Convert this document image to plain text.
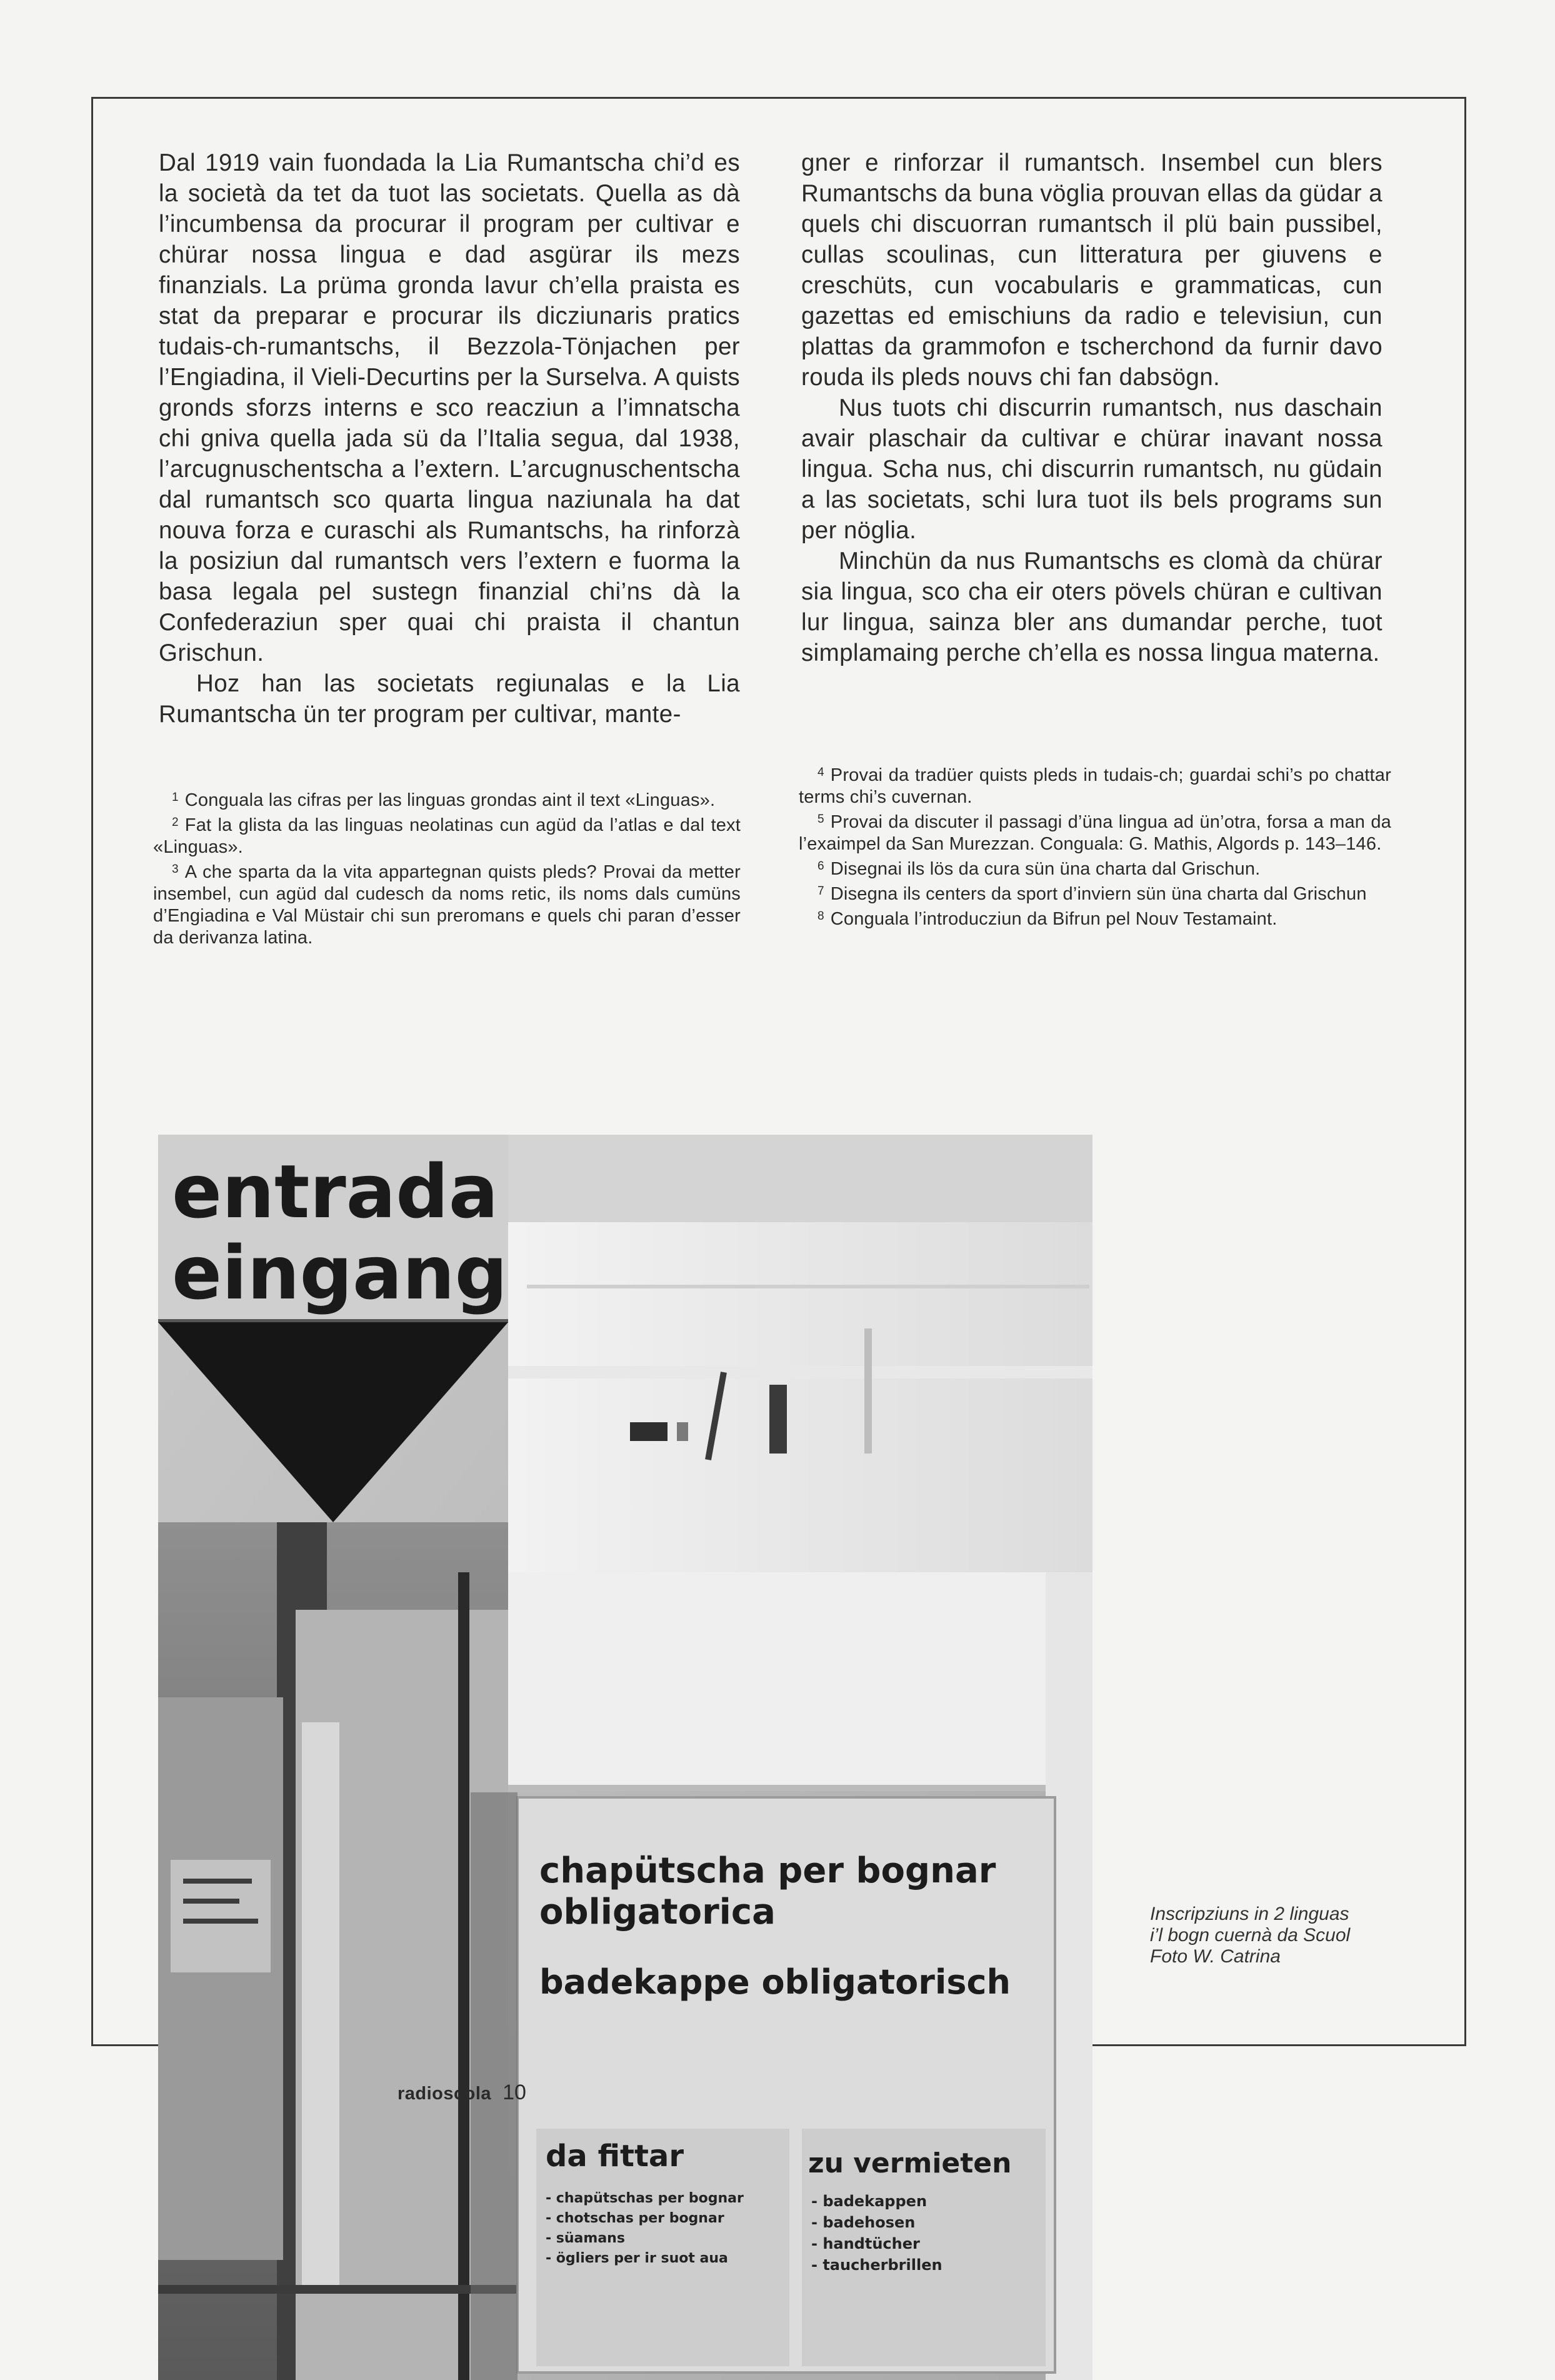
Dal 1919 vain fuondada la Lia Rumantscha chi’d es la società da tet da tuot las societats. Quella as dà l’incumbensa da procurar il program per cultivar e chürar nossa lingua e dad asgürar ils mezs finanzials. La prüma gronda lavur ch’ella praista es stat da preparar e procurar ils dicziunaris pratics tudais-ch-rumantschs, il Bezzola-Tönjachen per l’Engiadina, il Vieli-Decurtins per la Surselva. A quists gronds sforzs interns e sco reacziun a l’imnatscha chi gniva quella jada sü da l’Italia segua, dal 1938, l’arcugnuschentscha a l’extern. L’arcugnuschentscha dal rumantsch sco quarta lingua naziunala ha dat nouva forza e curaschi als Rumantschs, ha rinforzà la posiziun dal rumantsch vers l’extern e fuorma la basa legala pel sustegn finanzial chi’ns dà la Confederaziun sper quai chi praista il chantun Grischun.

Hoz han las societats regiunalas e la Lia Rumantscha ün ter program per cultivar, mante-

gner e rinforzar il rumantsch. Insembel cun blers Rumantschs da buna vöglia prouvan ellas da güdar a quels chi discuorran rumantsch il plü bain pussibel, cullas scoulinas, cun litteratura per giuvens e creschüts, cun vocabularis e grammaticas, cun gazettas ed emischiuns da radio e televisiun, cun plattas da grammofon e tscherchond da furnir davo rouda ils pleds nouvs chi fan dabsögn.

Nus tuots chi discurrin rumantsch, nus daschain avair plaschair da cultivar e chürar inavant nossa lingua. Scha nus, chi discurrin rumantsch, nu güdain a las societats, schi lura tuot ils bels programs sun per nöglia.

Minchün da nus Rumantschs es clomà da chürar sia lingua, sco cha eir oters pövels chüran e cultivan lur lingua, sainza bler ans dumandar perche, tuot simplamaing perche ch’ella es nossa lingua materna.

$^1$ Conguala las cifras per las linguas grondas aint il text «Linguas».

$^2$ Fat la glista da las linguas neolatinas cun agüd da l’atlas e dal text «Linguas».

$^3$ A che sparta da la vita appartegnan quists pleds? Provai da metter insembel, cun agüd dal cudesch da noms retic, ils noms dals cumüns d’Engiadina e Val Müstair chi sun preromans e quels chi paran d’esser da derivanza latina.

$^4$ Provai da tradüer quists pleds in tudais-ch; guardai schi’s po chattar terms chi’s cuvernan.

$^5$ Provai da discuter il passagi d’üna lingua ad ün’otra, forsa a man da l’exaimpel da San Murezzan. Conguala: G. Mathis, Algords p. 143–146.

$^6$ Disegnai ils lös da cura sün üna charta dal Grischun.

$^7$ Disegna ils centers da sport d’inviern sün üna charta dal Grischun

$^8$ Conguala l’introducziun da Bifrun pel Nouv Testamaint.

entrada
eingang
chapütscha per bognar
obligatorica
badekappe obligatorisch
da fittar	zu vermieten
- chapütschas per bognar
- chotschas per bognar
- süamans
- ögliers per ir suot aua
- badekappen
- badehosen
- handtücher
- taucherbrillen
Inscripziuns in 2 linguas
i’l bogn cuernà da Scuol
Foto W. Catrina
radioscola 10
